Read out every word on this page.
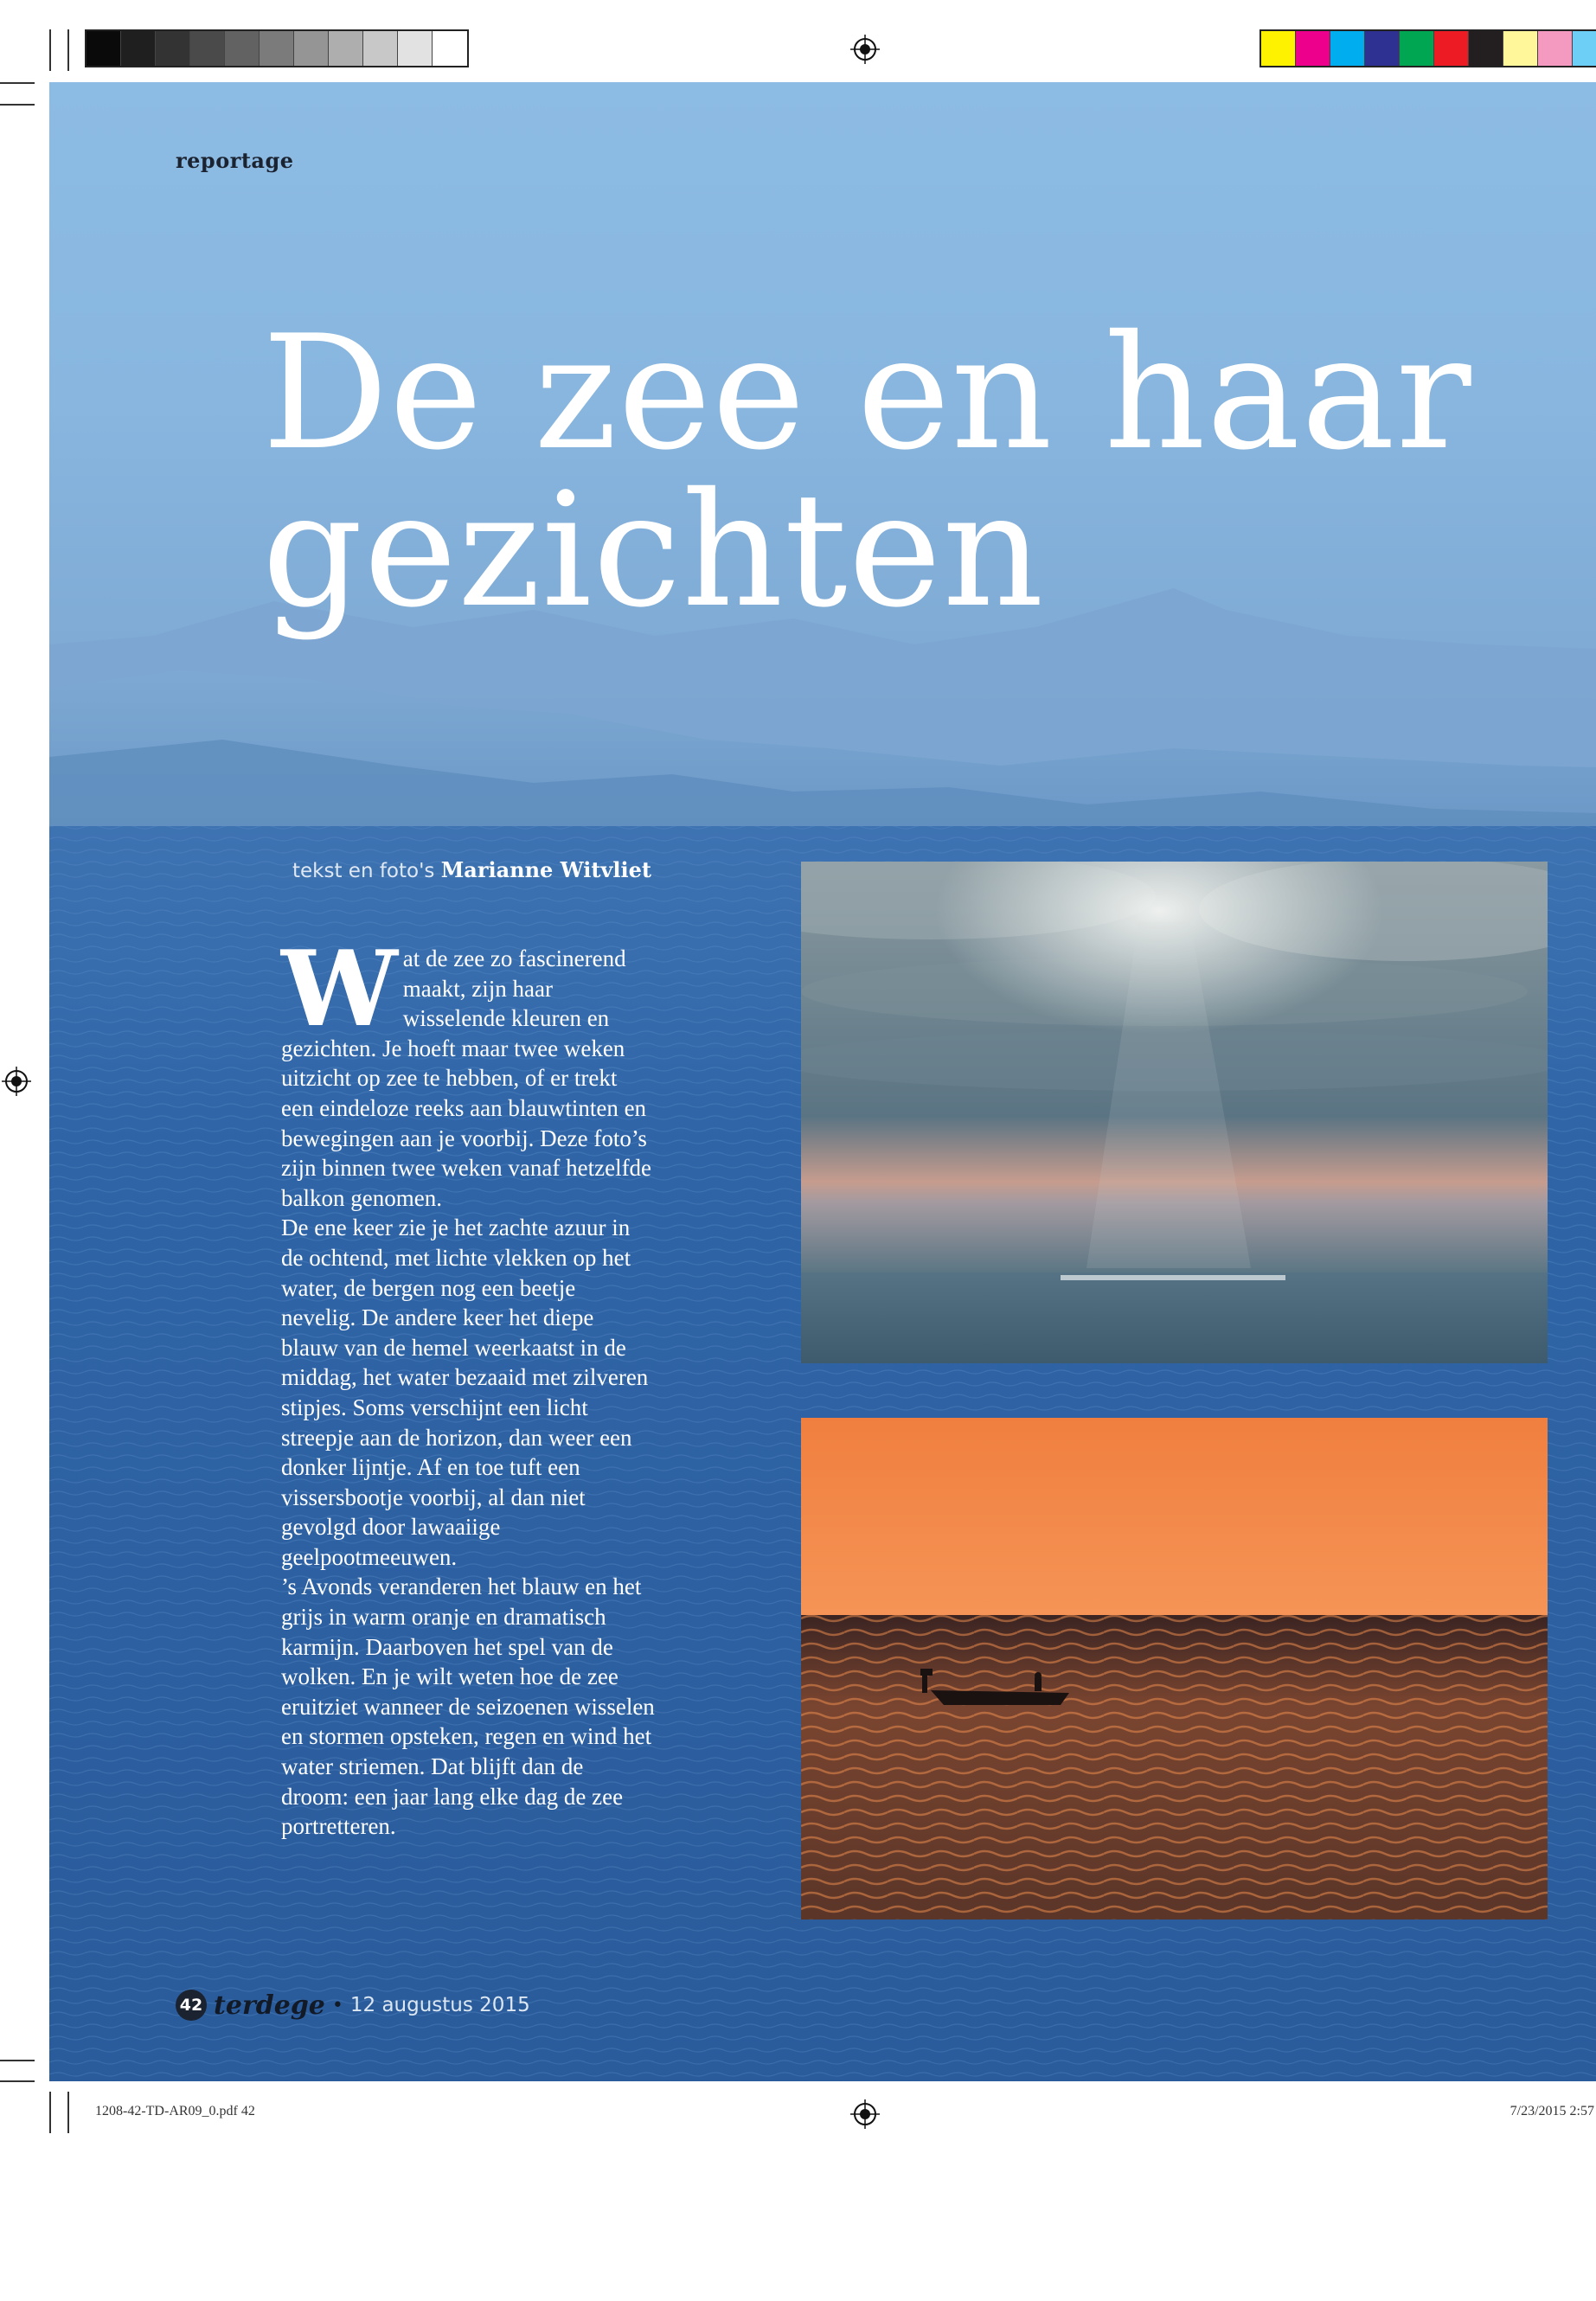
reportage
De zee en haar
gezichten
tekst en foto's Marianne Witvliet

Wat de zee zo fascinerend maakt, zijn haar wisselende kleuren en gezichten. Je hoeft maar twee weken uitzicht op zee te hebben, of er trekt een eindeloze reeks aan blauwtinten en bewegingen aan je voorbij. Deze foto’s zijn binnen twee weken vanaf hetzelfde balkon genomen.

De ene keer zie je het zachte azuur in de ochtend, met lichte vlekken op het water, de bergen nog een beetje nevelig. De andere keer het diepe blauw van de hemel weerkaatst in de middag, het water bezaaid met zilveren stipjes. Soms verschijnt een licht streepje aan de horizon, dan weer een donker lijntje. Af en toe tuft een vissersbootje voorbij, al dan niet gevolgd door lawaaiige geelpootmeeuwen.

’s Avonds veranderen het blauw en het grijs in warm oranje en dramatisch karmijn. Daarboven het spel van de wolken. En je wilt weten hoe de zee eruitziet wanneer de seizoenen wisselen en stormen opsteken, regen en wind het water striemen. Dat blijft dan de droom: een jaar lang elke dag de zee portretteren.

42 terdege • 12 augustus 2015
1208-42-TD-AR09_0.pdf 42	7/23/2015 2:57
